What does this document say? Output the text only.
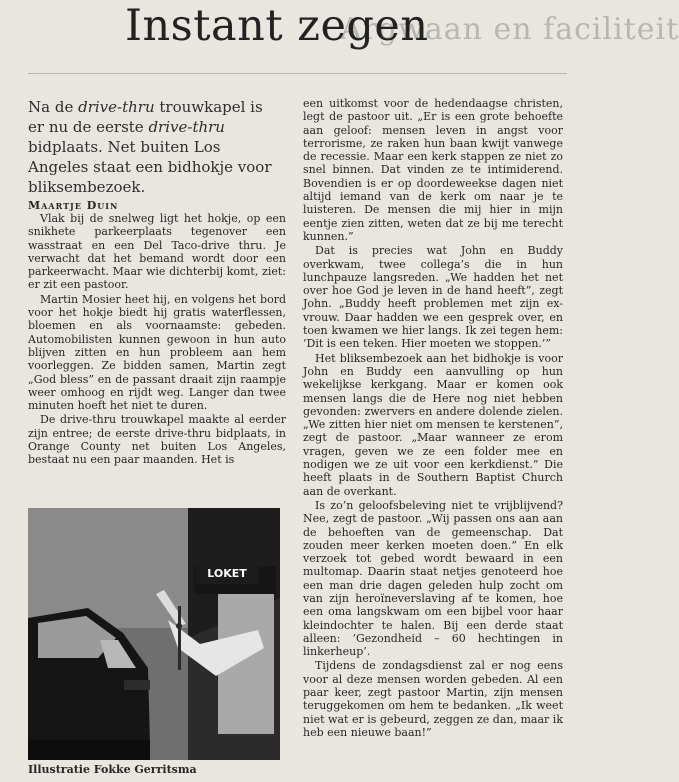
Argwaan en faciliteit
Instant zegen

Na de drive-thru trouwkapel is er nu de eerste drive-thru bidplaats. Net buiten Los Angeles staat een bidhokje voor bliksembezoek.

Maartje Duin

Vlak bij de snelweg ligt het hokje, op een snikhete parkeerplaats tegenover een wasstraat en een Del Taco-drive thru. Je verwacht dat het bemand wordt door een parkeerwacht. Maar wie dichterbij komt, ziet: er zit een pastoor.

Martin Mosier heet hij, en volgens het bord voor het hokje biedt hij gratis waterflessen, bloemen en als voornaamste: gebeden. Automobilisten kunnen gewoon in hun auto blijven zitten en hun probleem aan hem voorleggen. Ze bidden samen, Martin zegt „God bless” en de passant draait zijn raampje weer omhoog en rijdt weg. Langer dan twee minuten hoeft het niet te duren.

De drive-thru trouwkapel maakte al eerder zijn entree; de eerste drive-thru bidplaats, in Orange County net buiten Los Angeles, bestaat nu een paar maanden. Het is

LOKET
Illustratie Fokke Gerritsma

een uitkomst voor de hedendaagse christen, legt de pastoor uit. „Er is een grote behoefte aan geloof: mensen leven in angst voor terrorisme, ze raken hun baan kwijt vanwege de recessie. Maar een kerk stappen ze niet zo snel binnen. Dat vinden ze te intimiderend. Bovendien is er op doordeweekse dagen niet altijd iemand van de kerk om naar je te luisteren. De mensen die mij hier in mijn eentje zien zitten, weten dat ze bij me terecht kunnen.”

Dat is precies wat John en Buddy overkwam, twee collega’s die in hun lunchpauze langsreden. „We hadden het net over hoe God je leven in de hand heeft”, zegt John. „Buddy heeft problemen met zijn ex-vrouw. Daar hadden we een gesprek over, en toen kwamen we hier langs. Ik zei tegen hem: ‘Dit is een teken. Hier moeten we stoppen.’”

Het bliksembezoek aan het bidhokje is voor John en Buddy een aanvulling op hun wekelijkse kerkgang. Maar er komen ook mensen langs die de Here nog niet hebben gevonden: zwervers en andere dolende zielen. „We zitten hier niet om mensen te kerstenen”, zegt de pastoor. „Maar wanneer ze erom vragen, geven we ze een folder mee en nodigen we ze uit voor een kerkdienst.” Die heeft plaats in de Southern Baptist Church aan de overkant.

Is zo’n geloofsbeleving niet te vrijblijvend? Nee, zegt de pastoor. „Wij passen ons aan aan de behoeften van de gemeenschap. Dat zouden meer kerken moeten doen.” En elk verzoek tot gebed wordt bewaard in een multomap. Daarin staat netjes genoteerd hoe een man drie dagen geleden hulp zocht om van zijn heroïneverslaving af te komen, hoe een oma langskwam om een bijbel voor haar kleindochter te halen. Bij een derde staat alleen: ‘Gezondheid – 60 hechtingen in linkerheup’.

Tijdens de zondagsdienst zal er nog eens voor al deze mensen worden gebeden. Al een paar keer, zegt pastoor Martin, zijn mensen teruggekomen om hem te bedanken. „Ik weet niet wat er is gebeurd, zeggen ze dan, maar ik heb een nieuwe baan!”
